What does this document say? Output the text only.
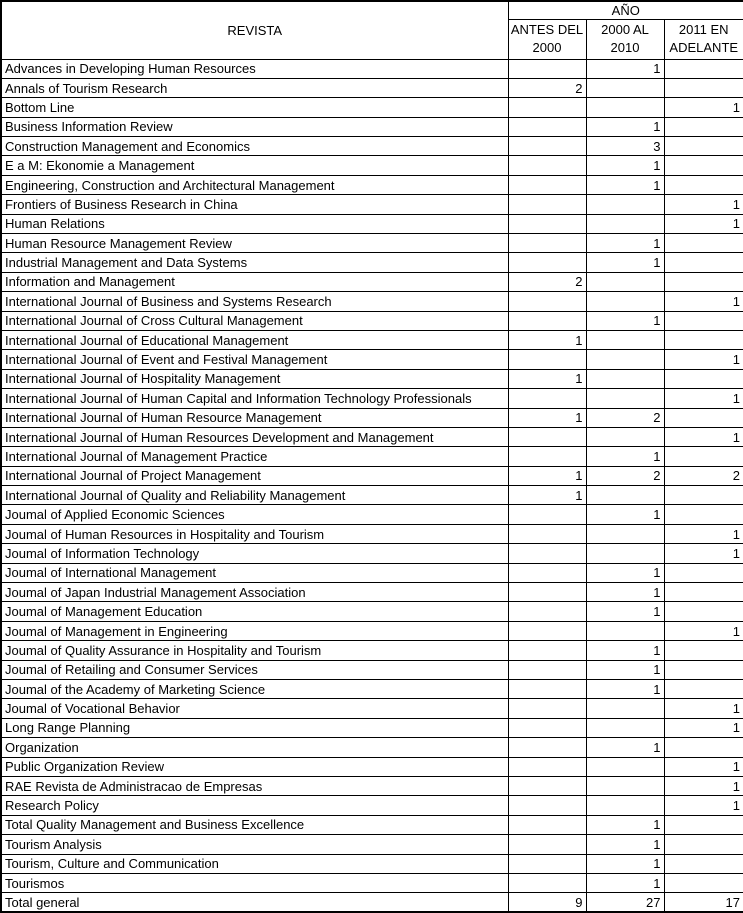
REVISTA	AÑO		
	ANTES DEL 2000	2000 AL 2010	2011 EN ADELANTE
Advances in Developing Human Resources		1	
Annals of Tourism Research	2		
Bottom Line			1
Business Information Review		1	
Construction Management and Economics		3	
E a M: Ekonomie a Management		1	
Engineering, Construction and Architectural Management		1	
Frontiers of Business Research in China			1
Human Relations			1
Human Resource Management Review		1	
Industrial Management and Data Systems		1	
Information and Management	2		
International Journal of Business and Systems Research			1
International Journal of Cross Cultural Management		1	
International Journal of Educational Management	1		
International Journal of Event and Festival Management			1
International Journal of Hospitality Management	1		
International Journal of Human Capital and Information Technology Professionals			1
International Journal of Human Resource Management	1	2	
International Journal of Human Resources Development and Management			1
International Journal of Management Practice		1	
International Journal of Project Management	1	2	2
International Journal of Quality and Reliability Management	1		
Joumal of Applied Economic Sciences		1	
Joumal of Human Resources in Hospitality and Tourism			1
Joumal of Information Technology			1
Joumal of International Management		1	
Joumal of Japan Industrial Management Association		1	
Joumal of Management Education		1	
Joumal of Management in Engineering			1
Joumal of Quality Assurance in Hospitality and Tourism		1	
Joumal of Retailing and Consumer Services		1	
Joumal of the Academy of Marketing Science		1	
Joumal of Vocational Behavior			1
Long Range Planning			1
Organization		1	
Public Organization Review			1
RAE Revista de Administracao de Empresas			1
Research Policy			1
Total Quality Management and Business Excellence		1	
Tourism Analysis		1	
Tourism, Culture and Communication		1	
Tourismos		1	
Total general	9	27	17
